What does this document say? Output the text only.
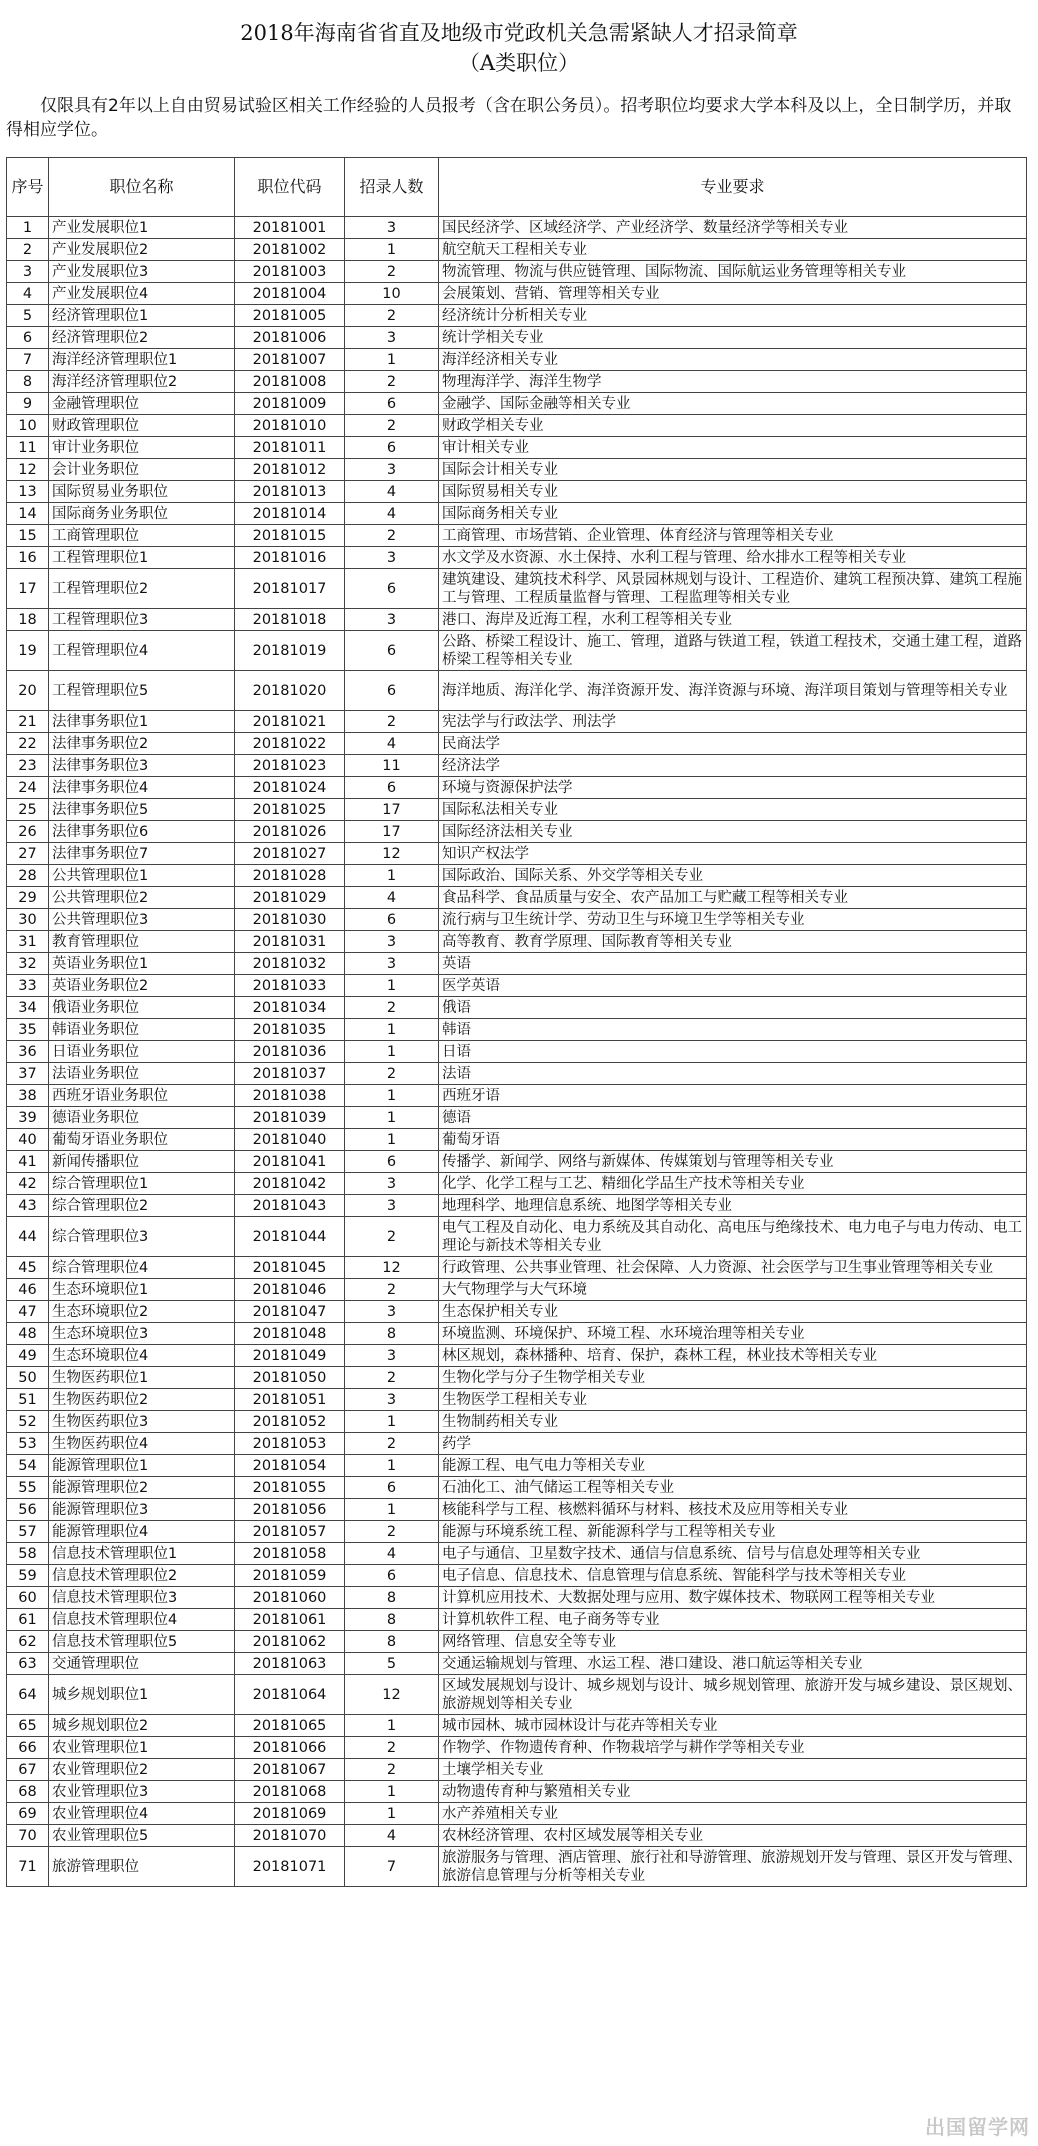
2018年海南省省直及地级市党政机关急需紧缺人才招录简章
（A类职位）
仅限具有2年以上自由贸易试验区相关工作经验的人员报考（含在职公务员）。招考职位均要求大学本科及以上，全日制学历，并取得相应学位。
序号	职位名称	职位代码	招录人数	专业要求
1	产业发展职位1	20181001	3	国民经济学、区域经济学、产业经济学、数量经济学等相关专业
2	产业发展职位2	20181002	1	航空航天工程相关专业
3	产业发展职位3	20181003	2	物流管理、物流与供应链管理、国际物流、国际航运业务管理等相关专业
4	产业发展职位4	20181004	10	会展策划、营销、管理等相关专业
5	经济管理职位1	20181005	2	经济统计分析相关专业
6	经济管理职位2	20181006	3	统计学相关专业
7	海洋经济管理职位1	20181007	1	海洋经济相关专业
8	海洋经济管理职位2	20181008	2	物理海洋学、海洋生物学
9	金融管理职位	20181009	6	金融学、国际金融等相关专业
10	财政管理职位	20181010	2	财政学相关专业
11	审计业务职位	20181011	6	审计相关专业
12	会计业务职位	20181012	3	国际会计相关专业
13	国际贸易业务职位	20181013	4	国际贸易相关专业
14	国际商务业务职位	20181014	4	国际商务相关专业
15	工商管理职位	20181015	2	工商管理、市场营销、企业管理、体育经济与管理等相关专业
16	工程管理职位1	20181016	3	水文学及水资源、水土保持、水利工程与管理、给水排水工程等相关专业
17	工程管理职位2	20181017	6	建筑建设、建筑技术科学、风景园林规划与设计、工程造价、建筑工程预决算、建筑工程施工与管理、工程质量监督与管理、工程监理等相关专业
18	工程管理职位3	20181018	3	港口、海岸及近海工程，水利工程等相关专业
19	工程管理职位4	20181019	6	公路、桥梁工程设计、施工、管理，道路与铁道工程，铁道工程技术，交通土建工程，道路桥梁工程等相关专业
20	工程管理职位5	20181020	6	海洋地质、海洋化学、海洋资源开发、海洋资源与环境、海洋项目策划与管理等相关专业
21	法律事务职位1	20181021	2	宪法学与行政法学、刑法学
22	法律事务职位2	20181022	4	民商法学
23	法律事务职位3	20181023	11	经济法学
24	法律事务职位4	20181024	6	环境与资源保护法学
25	法律事务职位5	20181025	17	国际私法相关专业
26	法律事务职位6	20181026	17	国际经济法相关专业
27	法律事务职位7	20181027	12	知识产权法学
28	公共管理职位1	20181028	1	国际政治、国际关系、外交学等相关专业
29	公共管理职位2	20181029	4	食品科学、食品质量与安全、农产品加工与贮藏工程等相关专业
30	公共管理职位3	20181030	6	流行病与卫生统计学、劳动卫生与环境卫生学等相关专业
31	教育管理职位	20181031	3	高等教育、教育学原理、国际教育等相关专业
32	英语业务职位1	20181032	3	英语
33	英语业务职位2	20181033	1	医学英语
34	俄语业务职位	20181034	2	俄语
35	韩语业务职位	20181035	1	韩语
36	日语业务职位	20181036	1	日语
37	法语业务职位	20181037	2	法语
38	西班牙语业务职位	20181038	1	西班牙语
39	德语业务职位	20181039	1	德语
40	葡萄牙语业务职位	20181040	1	葡萄牙语
41	新闻传播职位	20181041	6	传播学、新闻学、网络与新媒体、传媒策划与管理等相关专业
42	综合管理职位1	20181042	3	化学、化学工程与工艺、精细化学品生产技术等相关专业
43	综合管理职位2	20181043	3	地理科学、地理信息系统、地图学等相关专业
44	综合管理职位3	20181044	2	电气工程及自动化、电力系统及其自动化、高电压与绝缘技术、电力电子与电力传动、电工理论与新技术等相关专业
45	综合管理职位4	20181045	12	行政管理、公共事业管理、社会保障、人力资源、社会医学与卫生事业管理等相关专业
46	生态环境职位1	20181046	2	大气物理学与大气环境
47	生态环境职位2	20181047	3	生态保护相关专业
48	生态环境职位3	20181048	8	环境监测、环境保护、环境工程、水环境治理等相关专业
49	生态环境职位4	20181049	3	林区规划，森林播种、培育、保护，森林工程，林业技术等相关专业
50	生物医药职位1	20181050	2	生物化学与分子生物学相关专业
51	生物医药职位2	20181051	3	生物医学工程相关专业
52	生物医药职位3	20181052	1	生物制药相关专业
53	生物医药职位4	20181053	2	药学
54	能源管理职位1	20181054	1	能源工程、电气电力等相关专业
55	能源管理职位2	20181055	6	石油化工、油气储运工程等相关专业
56	能源管理职位3	20181056	1	核能科学与工程、核燃料循环与材料、核技术及应用等相关专业
57	能源管理职位4	20181057	2	能源与环境系统工程、新能源科学与工程等相关专业
58	信息技术管理职位1	20181058	4	电子与通信、卫星数字技术、通信与信息系统、信号与信息处理等相关专业
59	信息技术管理职位2	20181059	6	电子信息、信息技术、信息管理与信息系统、智能科学与技术等相关专业
60	信息技术管理职位3	20181060	8	计算机应用技术、大数据处理与应用、数字媒体技术、物联网工程等相关专业
61	信息技术管理职位4	20181061	8	计算机软件工程、电子商务等专业
62	信息技术管理职位5	20181062	8	网络管理、信息安全等专业
63	交通管理职位	20181063	5	交通运输规划与管理、水运工程、港口建设、港口航运等相关专业
64	城乡规划职位1	20181064	12	区域发展规划与设计、城乡规划与设计、城乡规划管理、旅游开发与城乡建设、景区规划、旅游规划等相关专业
65	城乡规划职位2	20181065	1	城市园林、城市园林设计与花卉等相关专业
66	农业管理职位1	20181066	2	作物学、作物遗传育种、作物栽培学与耕作学等相关专业
67	农业管理职位2	20181067	2	土壤学相关专业
68	农业管理职位3	20181068	1	动物遗传育种与繁殖相关专业
69	农业管理职位4	20181069	1	水产养殖相关专业
70	农业管理职位5	20181070	4	农林经济管理、农村区域发展等相关专业
71	旅游管理职位	20181071	7	旅游服务与管理、酒店管理、旅行社和导游管理、旅游规划开发与管理、景区开发与管理、旅游信息管理与分析等相关专业
出国留学网
